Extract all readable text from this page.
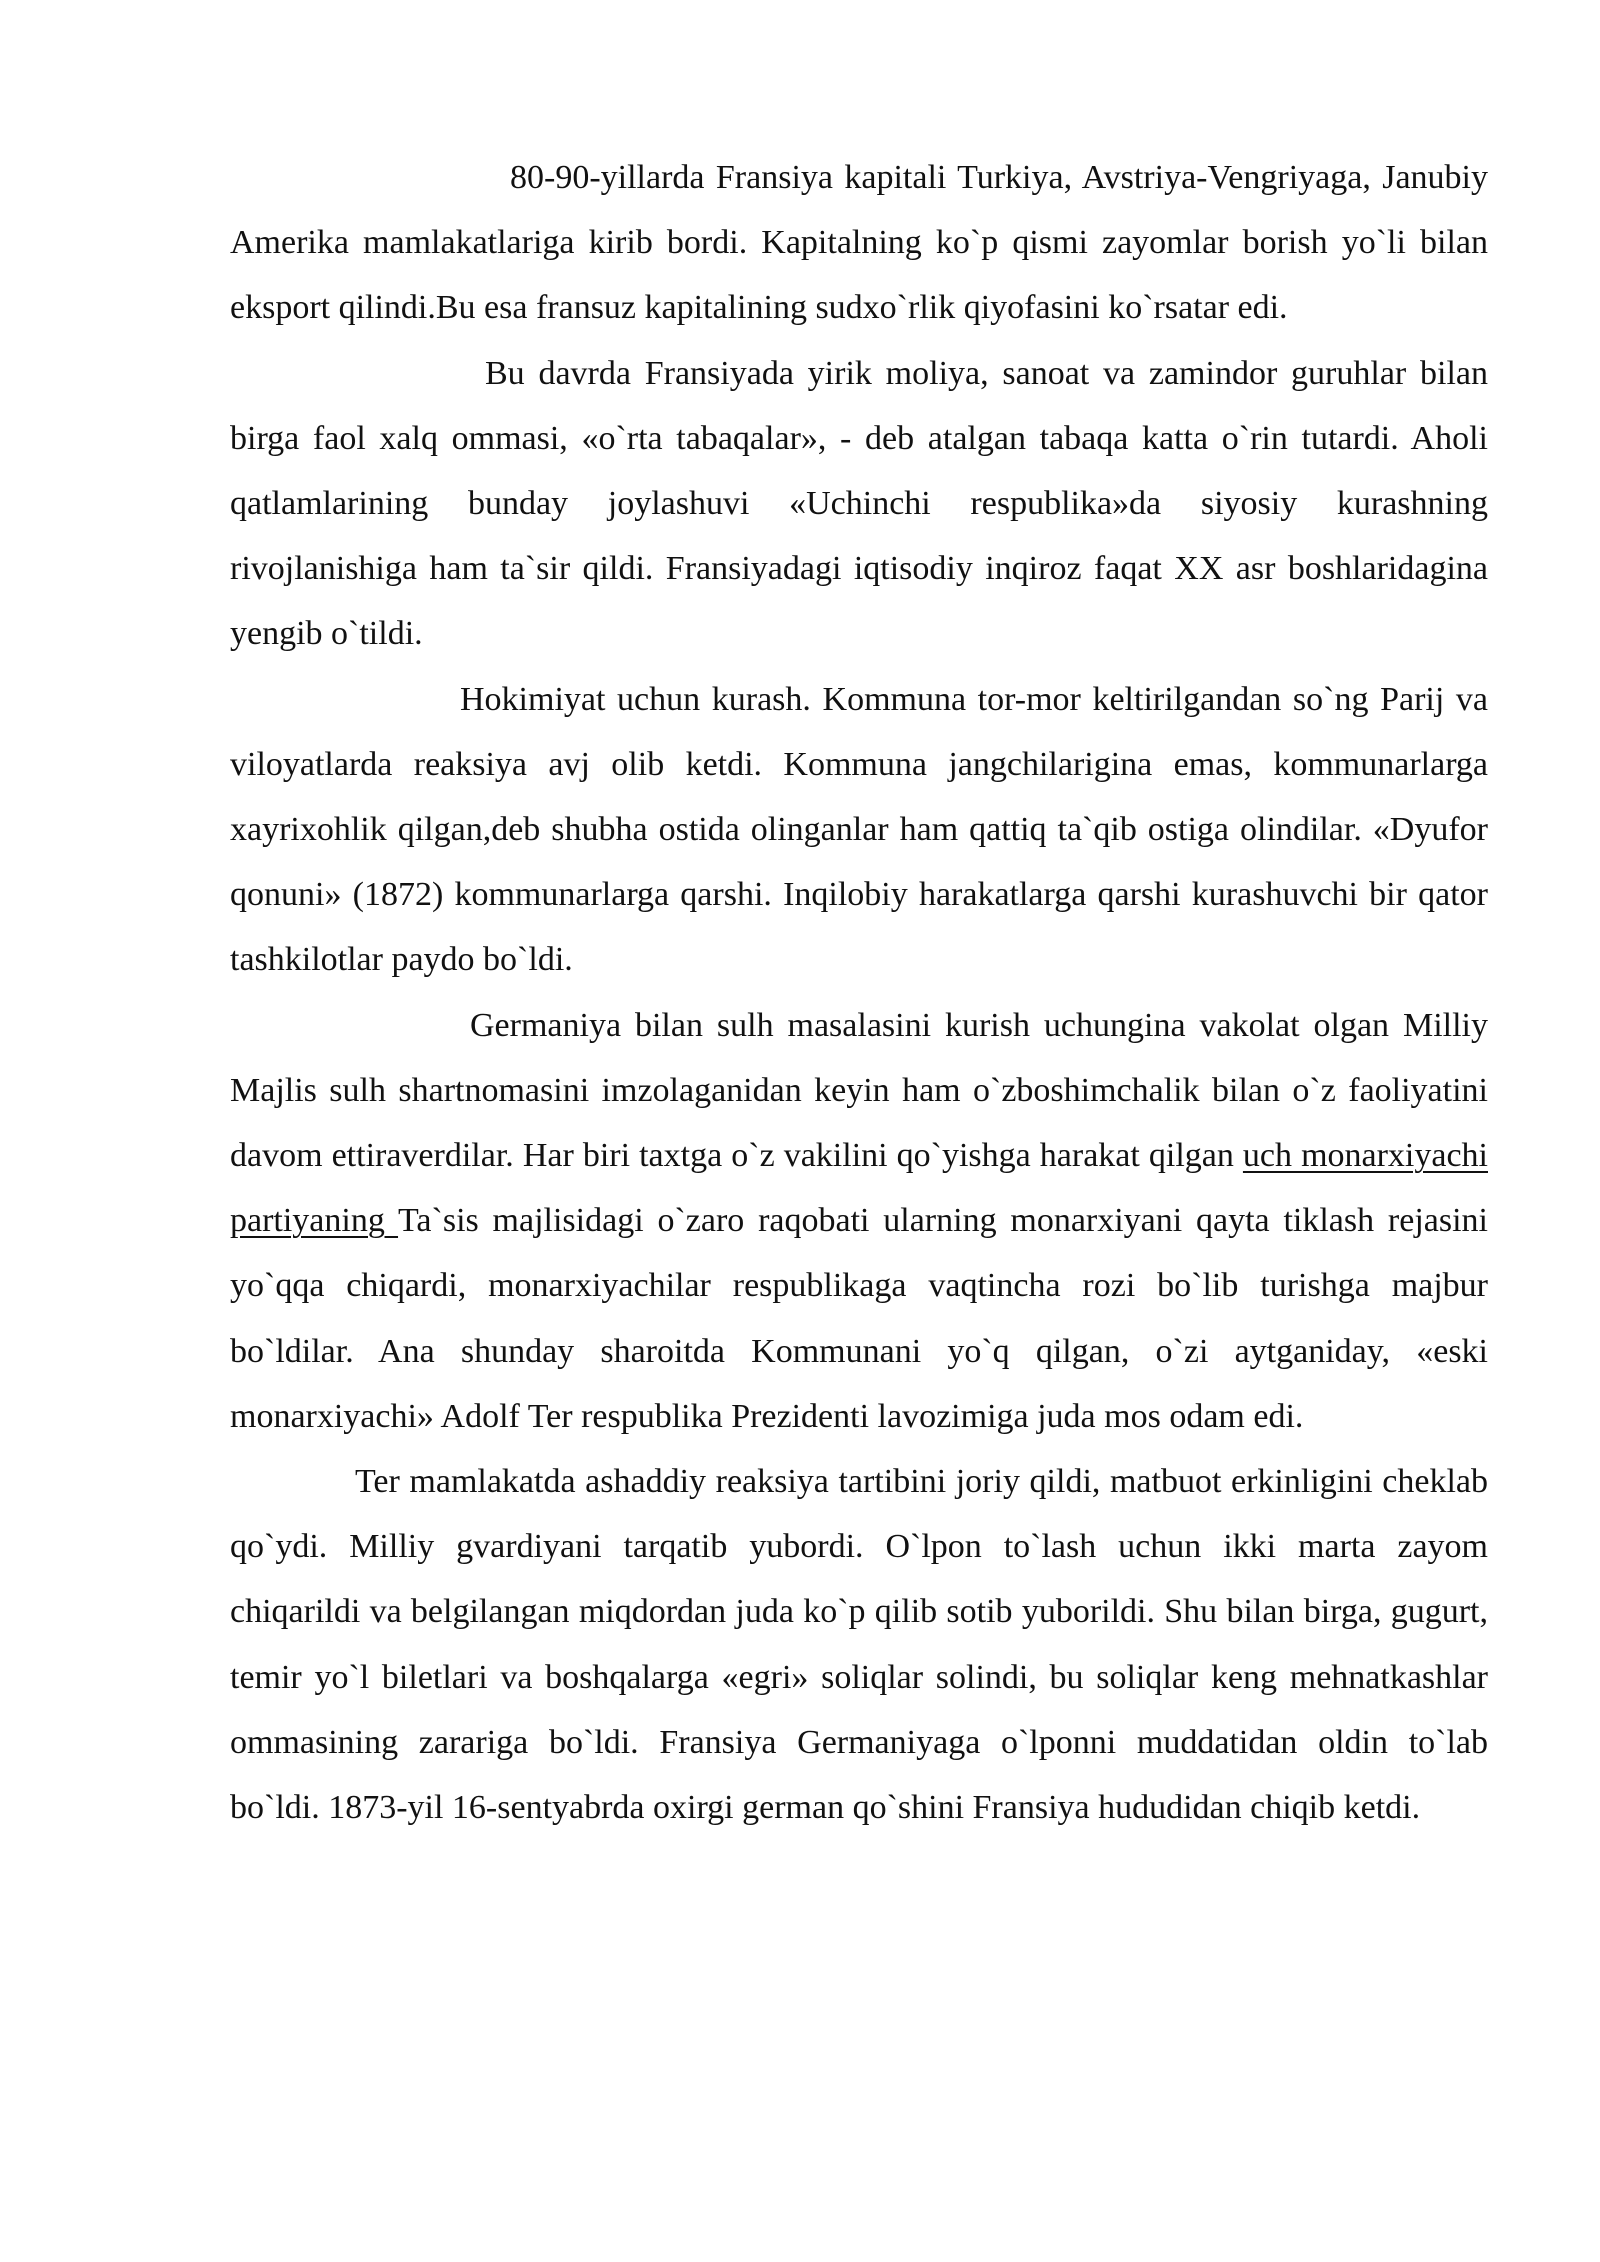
80-90-yillarda Fransiya kapitali Turkiya, Avstriya-Vengriyaga, Janubiy Amerika mamlakatlariga kirib bordi. Kapitalning ko`p qismi zayomlar borish yo`li bilan eksport qilindi.Bu esa fransuz kapitalining sudxo`rlik qiyofasini ko`rsatar edi.

Bu davrda Fransiyada yirik moliya, sanoat va zamindor guruhlar bilan birga faol xalq ommasi, «o`rta tabaqalar», - deb atalgan tabaqa katta o`rin tutardi. Aholi qatlamlarining bunday joylashuvi «Uchinchi respublika»da siyosiy kurashning rivojlanishiga ham ta`sir qildi. Fransiyadagi iqtisodiy inqiroz faqat XX asr boshlaridagina yengib o`tildi.

Hokimiyat uchun kurash. Kommuna tor-mor keltirilgandan so`ng Parij va viloyatlarda reaksiya avj olib ketdi. Kommuna jangchilarigina emas, kommunarlarga xayrixohlik qilgan,deb shubha ostida olinganlar ham qattiq ta`qib ostiga olindilar. «Dyufor qonuni» (1872) kommunarlarga qarshi. Inqilobiy harakatlarga qarshi kurashuvchi bir qator tashkilotlar paydo bo`ldi.

Germaniya bilan sulh masalasini kurish uchungina vakolat olgan Milliy Majlis sulh shartnomasini imzolaganidan keyin ham o`zboshimchalik bilan o`z faoliyatini davom ettiraverdilar. Har biri taxtga o`z vakilini qo`yishga harakat qilgan uch monarxiyachi partiyaning Ta`sis majlisidagi o`zaro raqobati ularning monarxiyani qayta tiklash rejasini yo`qqa chiqardi, monarxiyachilar respublikaga vaqtincha rozi bo`lib turishga majbur bo`ldilar. Ana shunday sharoitda Kommunani yo`q qilgan, o`zi aytganiday, «eski monarxiyachi» Adolf Ter respublika Prezidenti lavozimiga juda mos odam edi.

Ter mamlakatda ashaddiy reaksiya tartibini joriy qildi, matbuot erkinligini cheklab qo`ydi. Milliy gvardiyani tarqatib yubordi. O`lpon to`lash uchun ikki marta zayom chiqarildi va belgilangan miqdordan juda ko`p qilib sotib yuborildi. Shu bilan birga, gugurt, temir yo`l biletlari va boshqalarga «egri» soliqlar solindi, bu soliqlar keng mehnatkashlar ommasining zarariga bo`ldi. Fransiya Germaniyaga o`lponni muddatidan oldin to`lab bo`ldi. 1873-yil 16-sentyabrda oxirgi german qo`shini Fransiya hududidan chiqib ketdi.
